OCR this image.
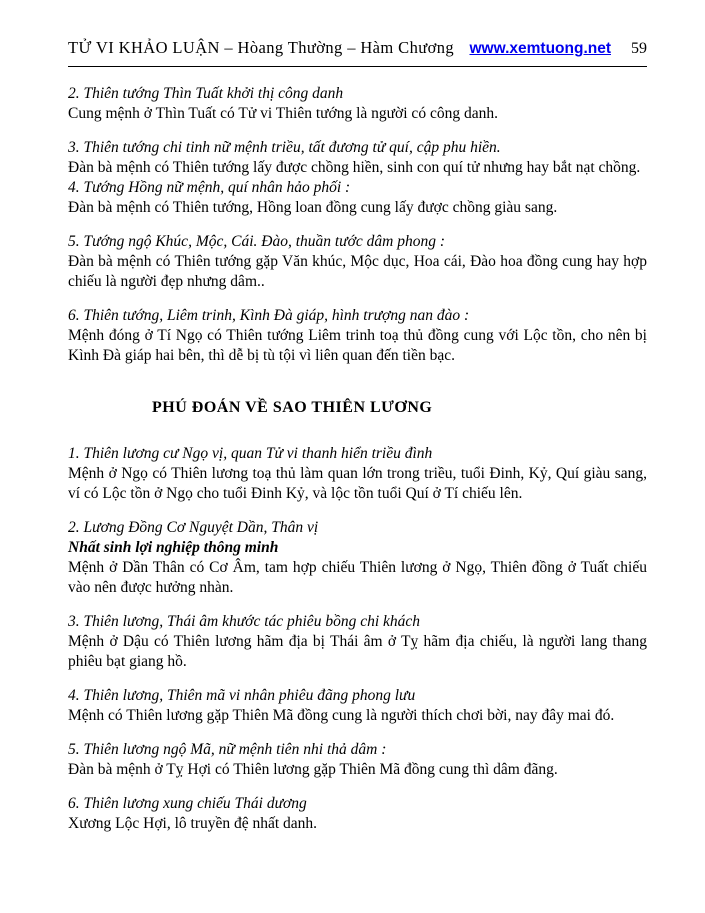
TỬ VI KHẢO LUẬN – Hòang Thường – Hàm Chương www.xemtuong.net 59
2. Thiên tướng Thìn Tuất khởi thị công danh
Cung mệnh ở Thìn Tuất có Tử vi Thiên tướng là người có công danh.
3. Thiên tướng chi tinh nữ mệnh triều, tất đương tử quí, cập phu hiền.
Đàn bà mệnh có Thiên tướng lấy được chồng hiền, sinh con quí tử nhưng hay bắt nạt chồng.
4. Tướng Hồng nữ mệnh, quí nhân hảo phối :
Đàn bà mệnh có Thiên tướng, Hồng loan đồng cung lấy được chồng giàu sang.
5. Tướng ngộ Khúc, Mộc, Cái. Đào, thuần tước dâm phong :
Đàn bà mệnh có Thiên tướng gặp Văn khúc, Mộc dục, Hoa cái, Đào hoa đồng cung hay hợp chiếu là người đẹp nhưng dâm..
6. Thiên tướng, Liêm trinh, Kình Đà giáp, hình trượng nan đào :
Mệnh đóng ở Tí Ngọ có Thiên tướng Liêm trinh toạ thủ đồng cung với Lộc tồn, cho nên bị Kình Đà giáp hai bên, thì dễ bị tù tội vì liên quan đến tiền bạc.
PHÚ ĐOÁN VỀ SAO THIÊN LƯƠNG
1. Thiên lương cư Ngọ vị, quan Tử vi thanh hiển triều đình
Mệnh ở Ngọ có Thiên lương toạ thủ làm quan lớn trong triều, tuổi Đinh, Kỷ, Quí giàu sang, ví có Lộc tồn ở Ngọ cho tuổi Đinh Kỷ, và lộc tồn tuổi Quí ở Tí chiếu lên.
2. Lương Đồng Cơ Nguyệt Dần, Thân vị
Nhất sinh lợi nghiệp thông minh
Mệnh ở Dần Thân có Cơ Âm, tam hợp chiếu Thiên lương ở Ngọ, Thiên đồng ở Tuất chiếu vào nên được hưởng nhàn.
3. Thiên lương, Thái âm khước tác phiêu bồng chi khách
Mệnh ở Dậu có Thiên lương hãm địa bị Thái âm ở Tỵ hãm địa chiếu, là người lang thang phiêu bạt giang hồ.
4. Thiên lương, Thiên mã vi nhân phiêu đãng phong lưu
Mệnh có Thiên lương gặp Thiên Mã đồng cung là người thích chơi bời, nay đây mai đó.
5. Thiên lương ngộ Mã, nữ mệnh tiên nhi thả dâm :
Đàn bà mệnh ở Tỵ Hợi có Thiên lương gặp Thiên Mã đồng cung thì dâm đãng.
6. Thiên lương xung chiếu Thái dương
Xương Lộc Hợi, lô truyền đệ nhất danh.
